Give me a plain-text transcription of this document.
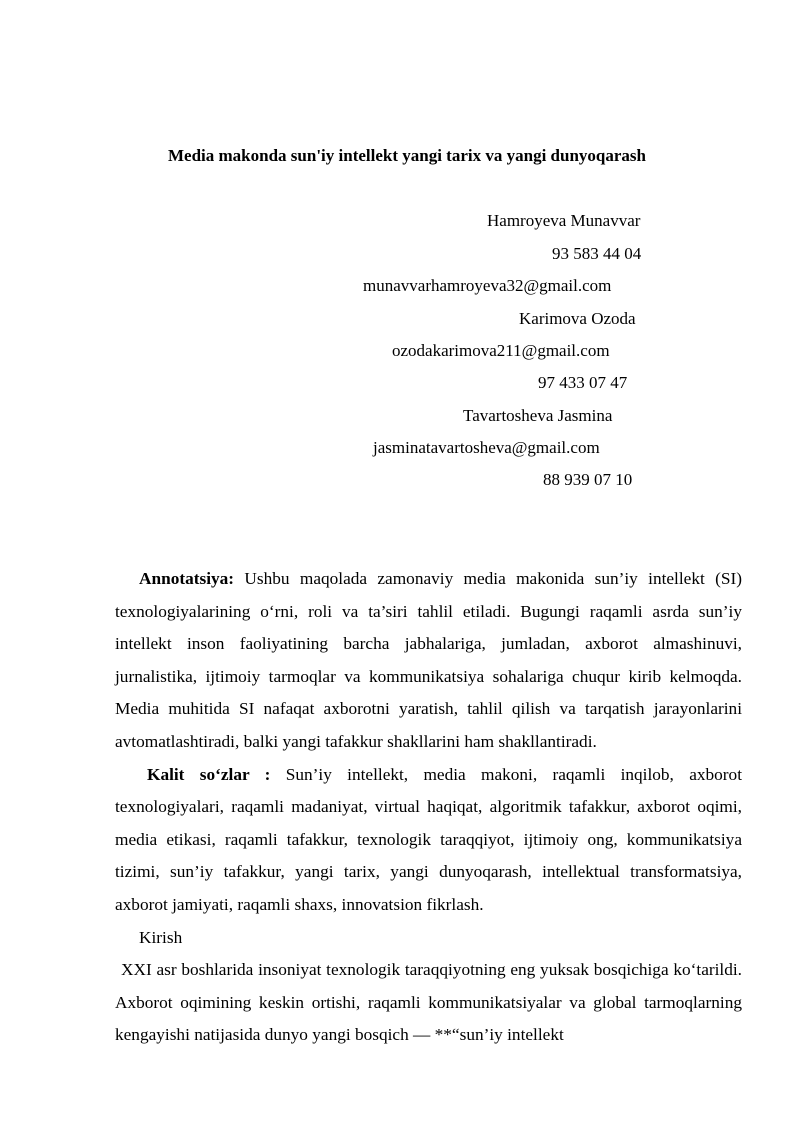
Media makonda sun'iy intellekt yangi tarix va yangi dunyoqarash
Hamroyeva Munavvar
93 583 44 04
munavvarhamroyeva32@gmail.com
Karimova Ozoda
ozodakarimova211@gmail.com
97 433 07 47
Tavartosheva Jasmina
jasminatavartosheva@gmail.com
88 939 07 10

Annotatsiya: Ushbu maqolada zamonaviy media makonida sun’iy intellekt (SI) texnologiyalarining o‘rni, roli va ta’siri tahlil etiladi. Bugungi raqamli asrda sun’iy intellekt inson faoliyatining barcha jabhalariga, jumladan, axborot almashinuvi, jurnalistika, ijtimoiy tarmoqlar va kommunikatsiya sohalariga chuqur kirib kelmoqda. Media muhitida SI nafaqat axborotni yaratish, tahlil qilish va tarqatish jarayonlarini avtomatlashtiradi, balki yangi tafakkur shakllarini ham shakllantiradi.

Kalit so‘zlar : Sun’iy intellekt, media makoni, raqamli inqilob, axborot texnologiyalari, raqamli madaniyat, virtual haqiqat, algoritmik tafakkur, axborot oqimi, media etikasi, raqamli tafakkur, texnologik taraqqiyot, ijtimoiy ong, kommunikatsiya tizimi, sun’iy tafakkur, yangi tarix, yangi dunyoqarash, intellektual transformatsiya, axborot jamiyati, raqamli shaxs, innovatsion fikrlash.

Kirish

XXI asr boshlarida insoniyat texnologik taraqqiyotning eng yuksak bosqichiga ko‘tarildi. Axborot oqimining keskin ortishi, raqamli kommunikatsiyalar va global tarmoqlarning kengayishi natijasida dunyo yangi bosqich — **“sun’iy intellekt
